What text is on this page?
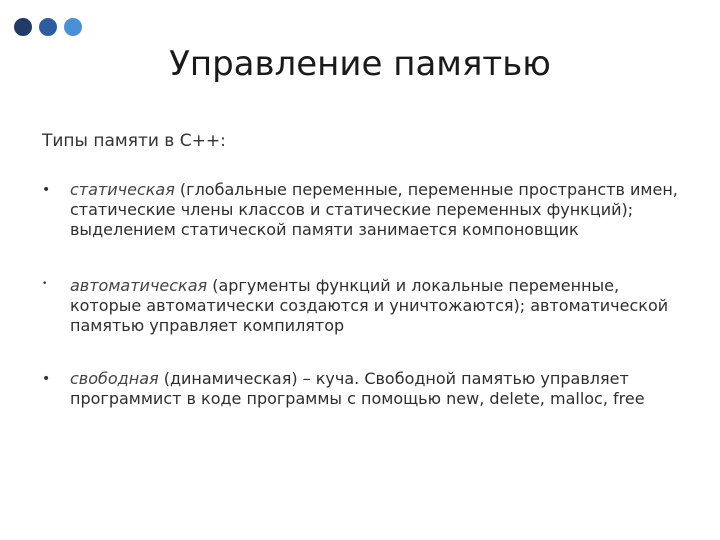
Управление памятью

Типы памяти в С++:

• статическая (глобальные переменные, переменные пространств имен, статические члены классов и статические переменных функций); выделением статической памяти занимается компоновщик
• автоматическая (аргументы функций и локальные переменные, которые автоматически создаются и уничтожаются); автоматической памятью управляет компилятор
• свободная (динамическая) – куча. Свободной памятью управляет программист в коде программы с помощью new, delete, malloc, free
